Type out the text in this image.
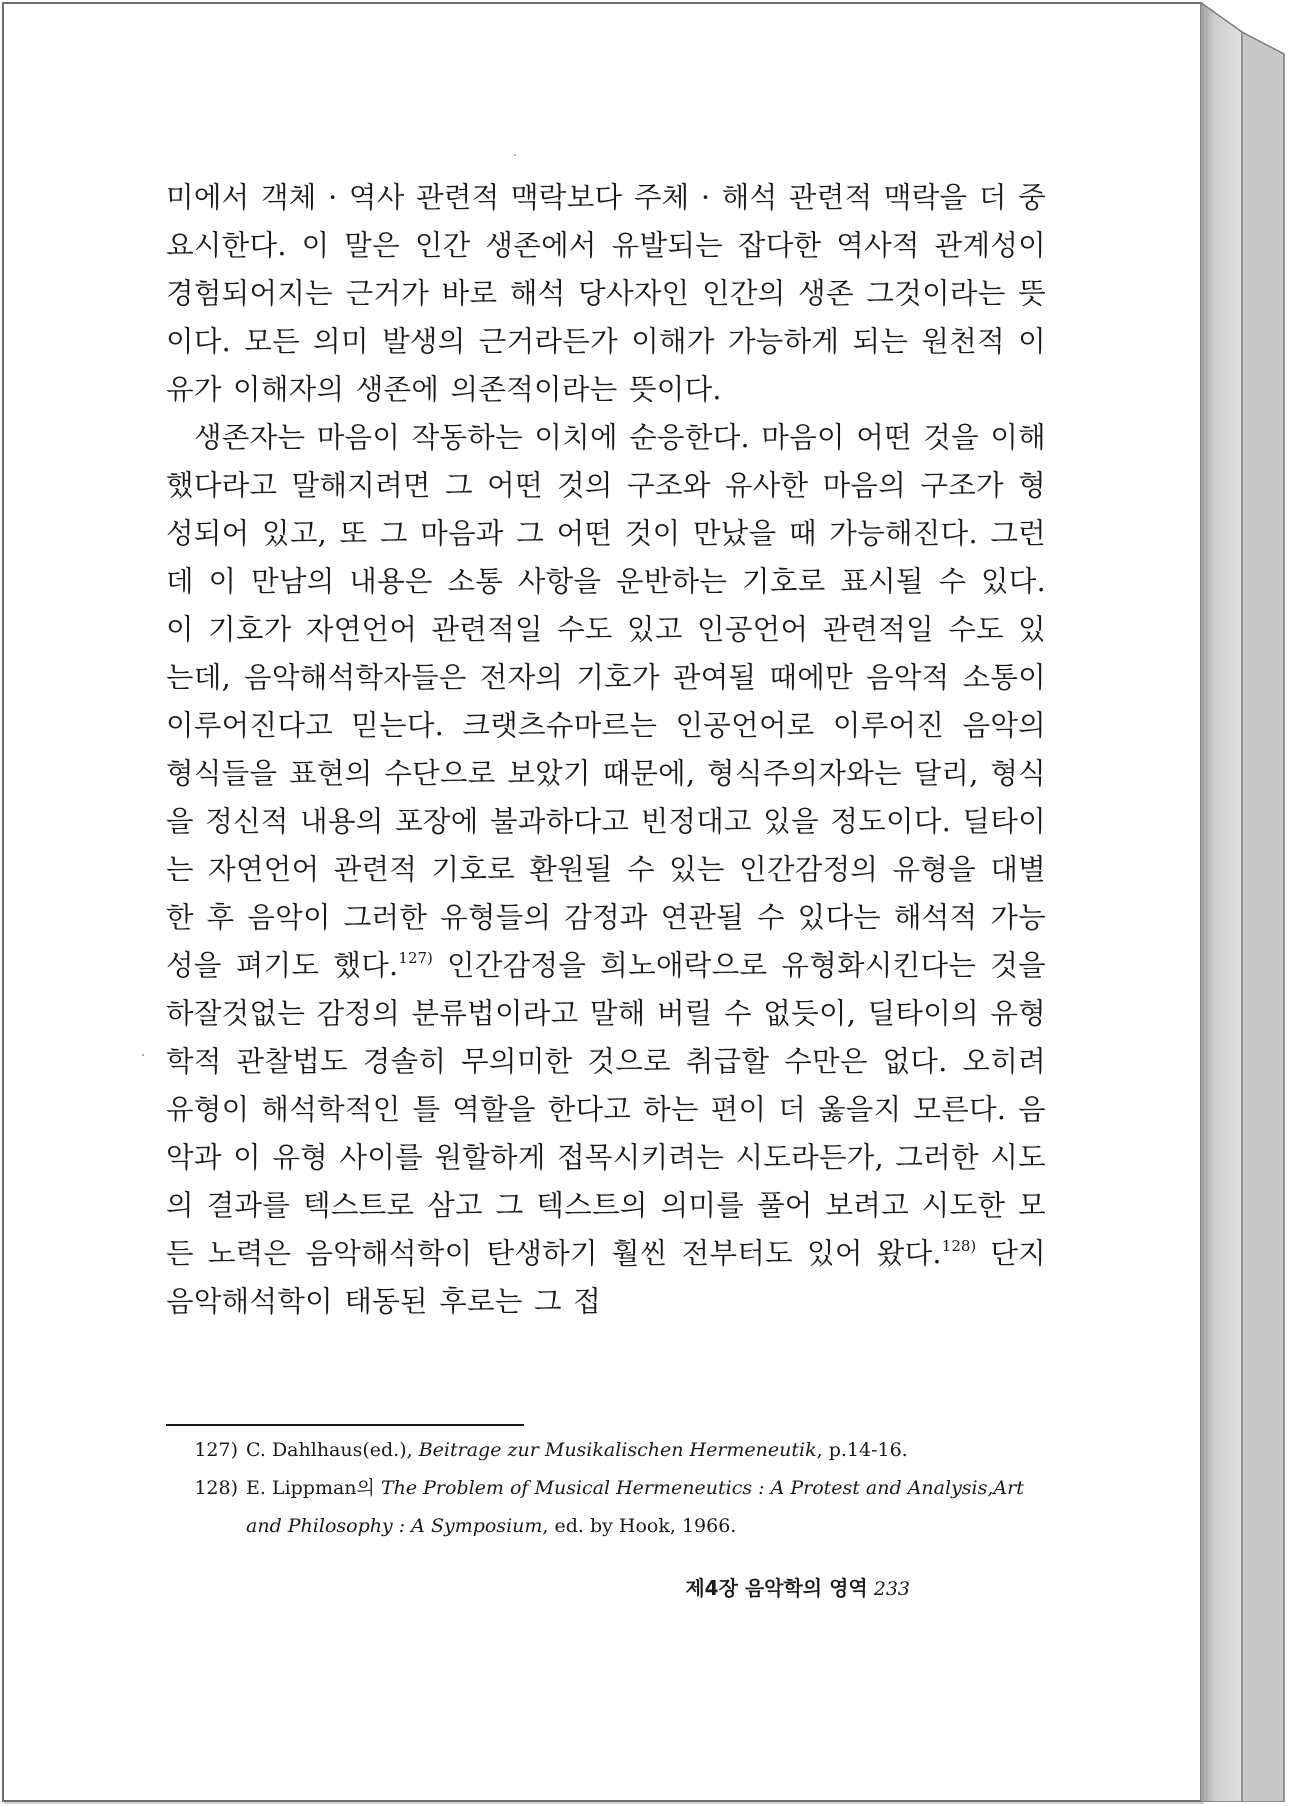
미에서 객체 · 역사 관련적 맥락보다 주체 · 해석 관련적 맥락을 더 중요시한다. 이 말은 인간 생존에서 유발되는 잡다한 역사적 관계성이 경험되어지는 근거가 바로 해석 당사자인 인간의 생존 그것이라는 뜻이다. 모든 의미 발생의 근거라든가 이해가 가능하게 되는 원천적 이유가 이해자의 생존에 의존적이라는 뜻이다.

생존자는 마음이 작동하는 이치에 순응한다. 마음이 어떤 것을 이해했다라고 말해지려면 그 어떤 것의 구조와 유사한 마음의 구조가 형성되어 있고, 또 그 마음과 그 어떤 것이 만났을 때 가능해진다. 그런데 이 만남의 내용은 소통 사항을 운반하는 기호로 표시될 수 있다. 이 기호가 자연언어 관련적일 수도 있고 인공언어 관련적일 수도 있는데, 음악해석학자들은 전자의 기호가 관여될 때에만 음악적 소통이 이루어진다고 믿는다. 크랫츠슈마르는 인공언어로 이루어진 음악의 형식들을 표현의 수단으로 보았기 때문에, 형식주의자와는 달리, 형식을 정신적 내용의 포장에 불과하다고 빈정대고 있을 정도이다. 딜타이는 자연언어 관련적 기호로 환원될 수 있는 인간감정의 유형을 대별한 후 음악이 그러한 유형들의 감정과 연관될 수 있다는 해석적 가능성을 펴기도 했다.$^{127)}$ 인간감정을 희노애락으로 유형화시킨다는 것을 하잘것없는 감정의 분류법이라고 말해 버릴 수 없듯이, 딜타이의 유형학적 관찰법도 경솔히 무의미한 것으로 취급할 수만은 없다. 오히려 유형이 해석학적인 틀 역할을 한다고 하는 편이 더 옳을지 모른다. 음악과 이 유형 사이를 원할하게 접목시키려는 시도라든가, 그러한 시도의 결과를 텍스트로 삼고 그 텍스트의 의미를 풀어 보려고 시도한 모든 노력은 음악해석학이 탄생하기 훨씬 전부터도 있어 왔다.$^{128)}$ 단지 음악해석학이 태동된 후로는 그 접

127) C. Dahlhaus(ed.), Beitrage zur Musikalischen Hermeneutik, p.14-16.
128) E. Lippman의 The Problem of Musical Hermeneutics : A Protest and Analysis,Art and Philosophy : A Symposium, ed. by Hook, 1966.
제4장 음악학의 영역 233
